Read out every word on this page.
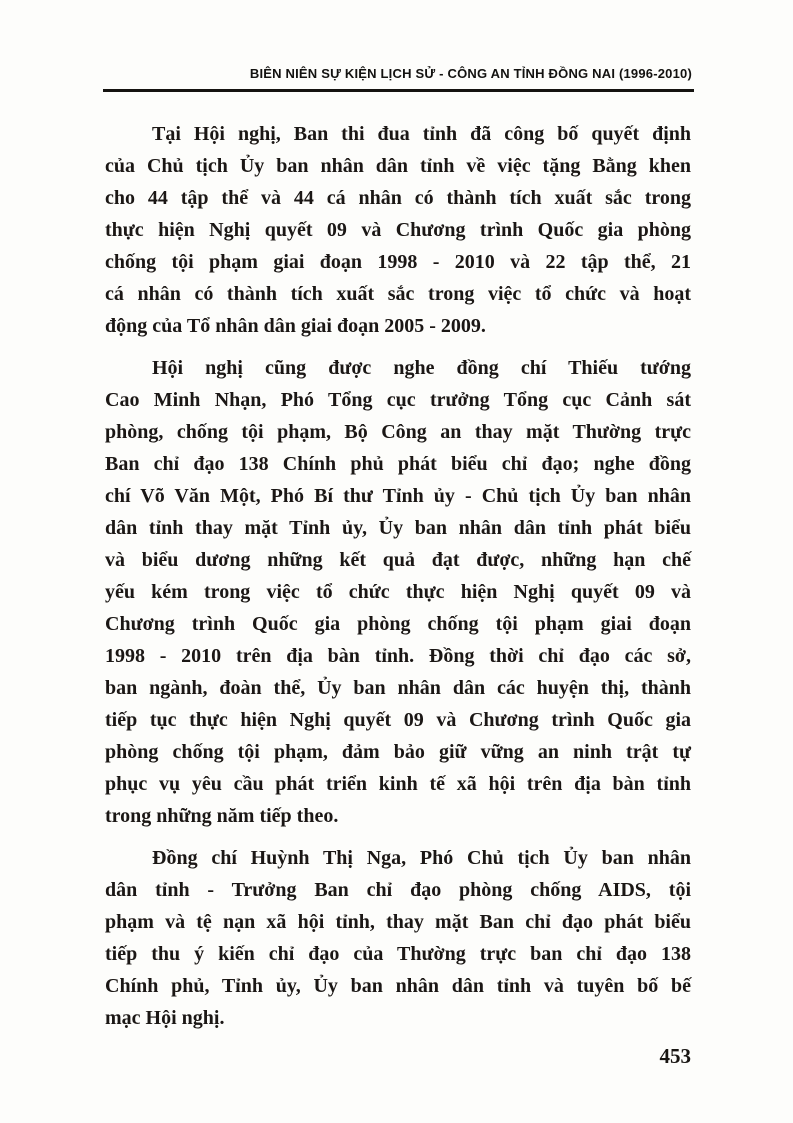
BIÊN NIÊN SỰ KIỆN LỊCH SỬ - CÔNG AN TỈNH ĐỒNG NAI (1996-2010)
Tại Hội nghị, Ban thi đua tỉnh đã công bố quyết định
của Chủ tịch Ủy ban nhân dân tỉnh về việc tặng Bằng khen
cho 44 tập thể và 44 cá nhân có thành tích xuất sắc trong
thực hiện Nghị quyết 09 và Chương trình Quốc gia phòng
chống tội phạm giai đoạn 1998 - 2010 và 22 tập thể, 21
cá nhân có thành tích xuất sắc trong việc tổ chức và hoạt
động của Tổ nhân dân giai đoạn 2005 - 2009.
Hội nghị cũng được nghe đồng chí Thiếu tướng
Cao Minh Nhạn, Phó Tổng cục trưởng Tổng cục Cảnh sát
phòng, chống tội phạm, Bộ Công an thay mặt Thường trực
Ban chỉ đạo 138 Chính phủ phát biểu chỉ đạo; nghe đồng
chí Võ Văn Một, Phó Bí thư Tỉnh ủy - Chủ tịch Ủy ban nhân
dân tỉnh thay mặt Tỉnh ủy, Ủy ban nhân dân tỉnh phát biểu
và biểu dương những kết quả đạt được, những hạn chế
yếu kém trong việc tổ chức thực hiện Nghị quyết 09 và
Chương trình Quốc gia phòng chống tội phạm giai đoạn
1998 - 2010 trên địa bàn tỉnh. Đồng thời chỉ đạo các sở,
ban ngành, đoàn thể, Ủy ban nhân dân các huyện thị, thành
tiếp tục thực hiện Nghị quyết 09 và Chương trình Quốc gia
phòng chống tội phạm, đảm bảo giữ vững an ninh trật tự
phục vụ yêu cầu phát triển kinh tế xã hội trên địa bàn tỉnh
trong những năm tiếp theo.
Đồng chí Huỳnh Thị Nga, Phó Chủ tịch Ủy ban nhân
dân tỉnh - Trưởng Ban chỉ đạo phòng chống AIDS, tội
phạm và tệ nạn xã hội tỉnh, thay mặt Ban chỉ đạo phát biểu
tiếp thu ý kiến chỉ đạo của Thường trực ban chỉ đạo 138
Chính phủ, Tỉnh ủy, Ủy ban nhân dân tỉnh và tuyên bố bế
mạc Hội nghị.
453
